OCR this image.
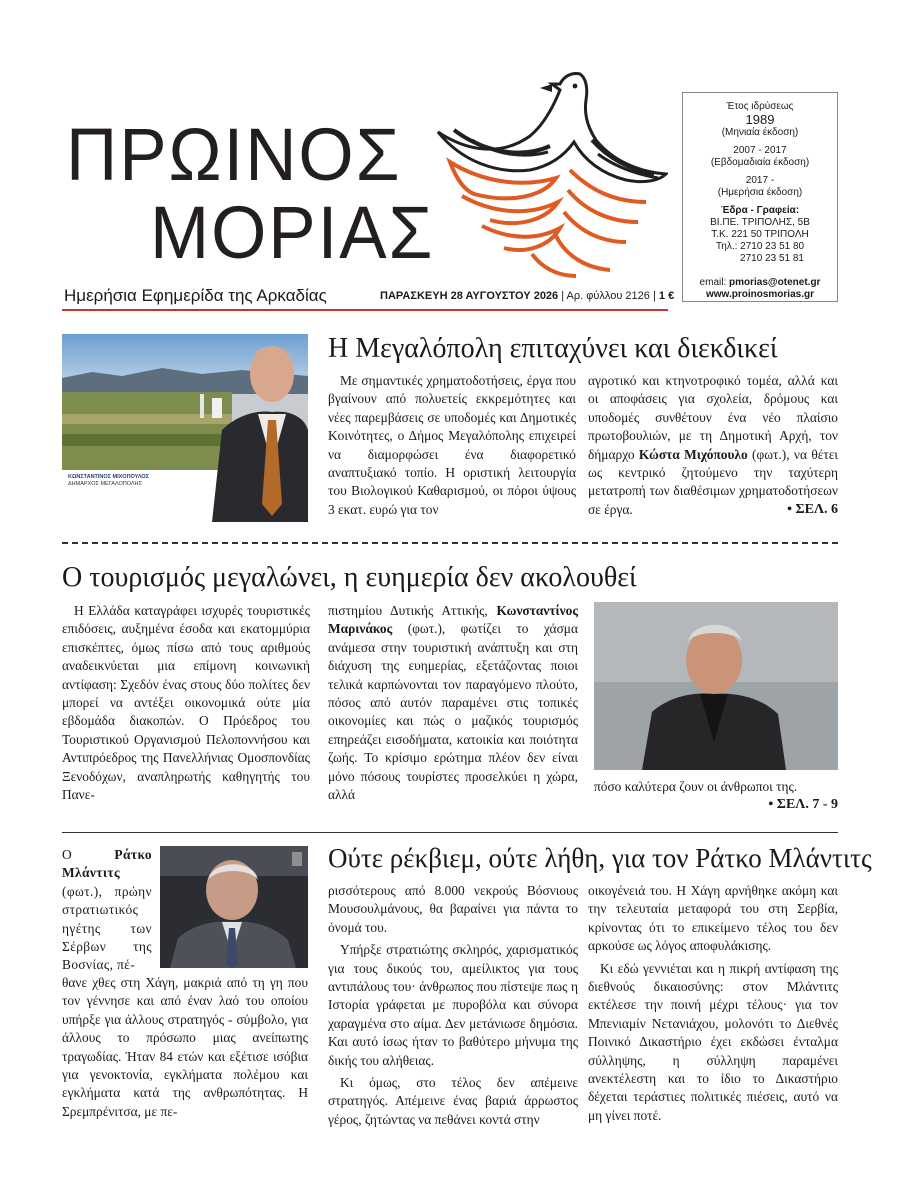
ΠΡΩΙΝΟΣ
ΜΟΡΙΑΣ
Ημερήσια Εφημερίδα της Αρκαδίας	ΠΑΡΑΣΚΕΥΗ 28 ΑΥΓΟΥΣΤΟΥ 2026 | Αρ. φύλλου 2126 | 1 €
Έτος ιδρύσεως
1989
(Μηνιαία έκδοση)
2007 - 2017
(Εβδομαδιαία έκδοση)
2017 -
(Ημερήσια έκδοση)
Έδρα - Γραφεία:
ΒΙ.ΠΕ. ΤΡΙΠΟΛΗΣ, 5Β
Τ.Κ. 221 50 ΤΡΙΠΟΛΗ
Τηλ.: 2710 23 51 80
2710 23 51 81
email: pmorias@otenet.gr
www.proinosmorias.gr
ΚΩΝΣΤΑΝΤΙΝΟΣ ΜΙΧΟΠΟΥΛΟΣ
ΔΗΜΑΡΧΟΣ ΜΕΓΑΛΟΠΟΛΗΣ
Η Μεγαλόπολη επιταχύνει και διεκδικεί

Με σημαντικές χρηματοδοτήσεις, έργα που βγαίνουν από πολυετείς εκκρεμότητες και νέες παρεμβάσεις σε υποδομές και Δημοτικές Κοινότητες, ο Δήμος Μεγαλόπολης επιχειρεί να διαμορφώσει ένα διαφορετικό αναπτυξιακό τοπίο. Η οριστική λειτουργία του Βιολογικού Καθαρισμού, οι πόροι ύψους 3 εκατ. ευρώ για τον

αγροτικό και κτηνοτροφικό τομέα, αλλά και οι αποφάσεις για σχολεία, δρόμους και υποδομές συνθέτουν ένα νέο πλαίσιο πρωτοβουλιών, με τη Δημοτική Αρχή, τον δήμαρχο Κώστα Μιχόπουλο (φωτ.), να θέτει ως κεντρικό ζητούμενο την ταχύτερη μετατροπή των διαθέσιμων χρηματοδοτήσεων σε έργα.	• ΣΕΛ. 6
Ο τουρισμός μεγαλώνει, η ευημερία δεν ακολουθεί

Η Ελλάδα καταγράφει ισχυρές τουριστικές επιδόσεις, αυξημένα έσοδα και εκατομμύρια επισκέπτες, όμως πίσω από τους αριθμούς αναδεικνύεται μια επίμονη κοινωνική αντίφαση: Σχεδόν ένας στους δύο πολίτες δεν μπορεί να αντέξει οικονομικά ούτε μία εβδομάδα διακοπών. Ο Πρόεδρος του Τουριστικού Οργανισμού Πελοποννήσου και Αντιπρόεδρος της Πανελλήνιας Ομοσπονδίας Ξενοδόχων, αναπληρωτής καθηγητής του Πανε-

πιστημίου Δυτικής Αττικής, Κωνσταντίνος Μαρινάκος (φωτ.), φωτίζει το χάσμα ανάμεσα στην τουριστική ανάπτυξη και στη διάχυση της ευημερίας, εξετάζοντας ποιοι τελικά καρπώνονται τον παραγόμενο πλούτο, πόσος από αυτόν παραμένει στις τοπικές οικονομίες και πώς ο μαζικός τουρισμός επηρεάζει εισοδήματα, κατοικία και ποιότητα ζωής. Το κρίσιμο ερώτημα πλέον δεν είναι μόνο πόσους τουρίστες προσελκύει η χώρα, αλλά
πόσο καλύτερα ζουν οι άνθρωποι της.
• ΣΕΛ. 7 - 9
Ούτε ρέκβιεμ, ούτε λήθη, για τον Ράτκο Μλάντιτς
Ο Ράτκο Μλάντιτς (φωτ.), πρώην στρατιωτικός ηγέτης των Σέρβων της Βοσνίας, πέ-
ρισσότερους από 8.000 νεκρούς Βόσνιους Μουσουλμάνους, θα βαραίνει για πάντα το όνομά του.

Υπήρξε στρατιώτης σκληρός, χαρισματικός για τους δικούς του, αμείλικτος για τους αντιπάλους του· άνθρωπος που πίστεψε πως η Ιστορία γράφεται με πυροβόλα και σύνορα χαραγμένα στο αίμα. Δεν μετάνιωσε δημόσια. Και αυτό ίσως ήταν το βαθύτερο μήνυμα της δικής του αλήθειας.

Κι όμως, στο τέλος δεν απέμεινε στρατηγός. Απέμεινε ένας βαριά άρρωστος γέρος, ζητώντας να πεθάνει κοντά στην

οικογένειά του. Η Χάγη αρνήθηκε ακόμη και την τελευταία μεταφορά του στη Σερβία, κρίνοντας ότι το επικείμενο τέλος του δεν αρκούσε ως λόγος αποφυλάκισης.

Κι εδώ γεννιέται και η πικρή αντίφαση της διεθνούς δικαιοσύνης: στον Μλάντιτς εκτέλεσε την ποινή μέχρι τέλους· για τον Μπενιαμίν Νετανιάχου, μολονότι το Διεθνές Ποινικό Δικαστήριο έχει εκδώσει ένταλμα σύλληψης, η σύλληψη παραμένει ανεκτέλεστη και το ίδιο το Δικαστήριο δέχεται τεράστιες πολιτικές πιέσεις, αυτό να μη γίνει ποτέ.

θανε χθες στη Χάγη, μακριά από τη γη που τον γέννησε και από έναν λαό του οποίου υπήρξε για άλλους στρατηγός - σύμβολο, για άλλους το πρόσωπο μιας ανείπωτης τραγωδίας. Ήταν 84 ετών και εξέτισε ισόβια για γενοκτονία, εγκλήματα πολέμου και εγκλήματα κατά της ανθρωπότητας. Η Σρεμπρένιτσα, με πε-
